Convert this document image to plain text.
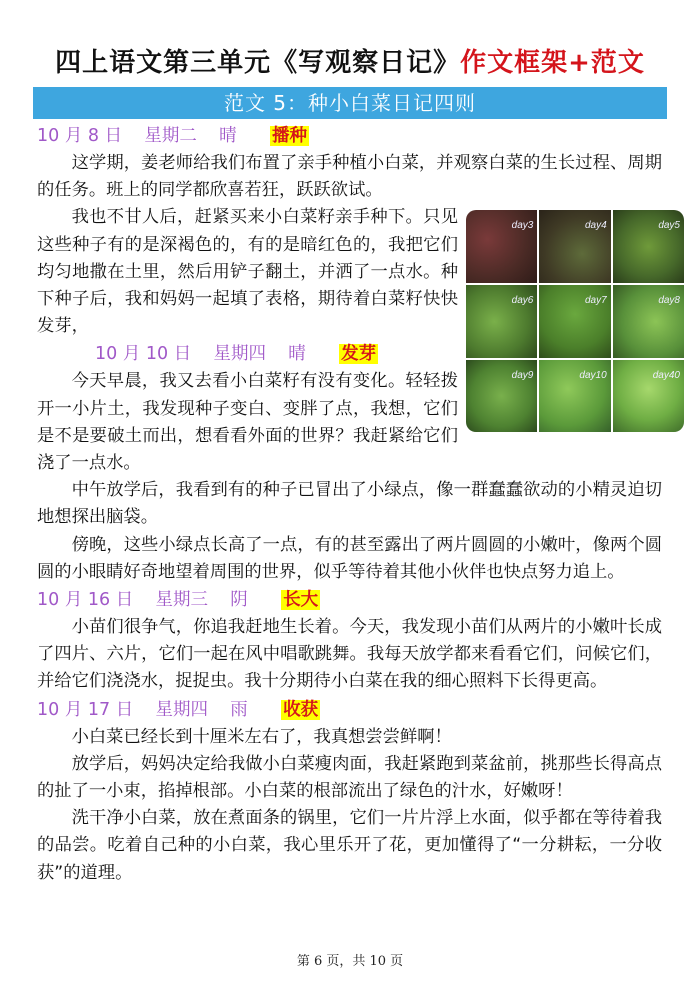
四上语文第三单元《写观察日记》作文框架+范文
范文 5：种小白菜日记四则

10 月 8 日    星期二    晴      播种

这学期，姜老师给我们布置了亲手种植小白菜，并观察白菜的生长过程、周期的任务。班上的同学都欣喜若狂，跃跃欲试。

day3	day4	day5
day6	day7	day8
day9	day10	day40

我也不甘人后，赶紧买来小白菜籽亲手种下。只见这些种子有的是深褐色的，有的是暗红色的，我把它们均匀地撒在土里，然后用铲子翻土，并洒了一点水。种下种子后，我和妈妈一起填了表格，期待着白菜籽快快发芽，

10 月 10 日    星期四    晴      发芽

今天早晨，我又去看小白菜籽有没有变化。轻轻拨开一小片土，我发现种子变白、变胖了点，我想，它们是不是要破土而出，想看看外面的世界？我赶紧给它们浇了一点水。

中午放学后，我看到有的种子已冒出了小绿点，像一群蠢蠢欲动的小精灵迫切地想探出脑袋。

傍晚，这些小绿点长高了一点，有的甚至露出了两片圆圆的小嫩叶，像两个圆圆的小眼睛好奇地望着周围的世界，似乎等待着其他小伙伴也快点努力追上。

10 月 16 日    星期三    阴      长大

小苗们很争气，你追我赶地生长着。今天，我发现小苗们从两片的小嫩叶长成了四片、六片，它们一起在风中唱歌跳舞。我每天放学都来看看它们，问候它们，并给它们浇浇水，捉捉虫。我十分期待小白菜在我的细心照料下长得更高。

10 月 17 日    星期四    雨      收获

小白菜已经长到十厘米左右了，我真想尝尝鲜啊！

放学后，妈妈决定给我做小白菜瘦肉面，我赶紧跑到菜盆前，挑那些长得高点的扯了一小束，掐掉根部。小白菜的根部流出了绿色的汁水，好嫩呀！

洗干净小白菜，放在煮面条的锅里，它们一片片浮上水面，似乎都在等待着我的品尝。吃着自己种的小白菜，我心里乐开了花，更加懂得了“一分耕耘，一分收获”的道理。

第 6 页，共 10 页
